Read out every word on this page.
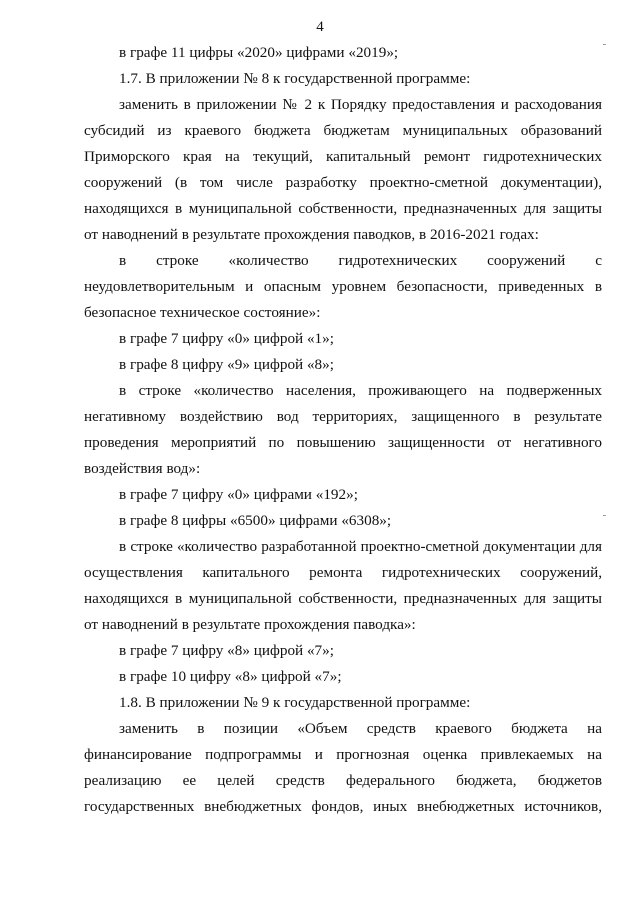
4

в графе 11 цифры «2020» цифрами «2019»;

1.7. В приложении № 8 к государственной программе:

заменить в приложении № 2 к Порядку предоставления и расходования субсидий из краевого бюджета бюджетам муниципальных образований Приморского края на текущий, капитальный ремонт гидротехнических сооружений (в том числе разработку проектно-сметной документации), находящихся в муниципальной собственности, предназначенных для защиты от наводнений в результате прохождения паводков, в 2016-2021 годах:

в строке «количество гидротехнических сооружений с неудовлетворительным и опасным уровнем безопасности, приведенных в безопасное техническое состояние»:

в графе 7 цифру «0» цифрой «1»;

в графе 8 цифру «9» цифрой «8»;

в строке «количество населения, проживающего на подверженных негативному воздействию вод территориях, защищенного в результате проведения мероприятий по повышению защищенности от негативного воздействия вод»:

в графе 7 цифру «0» цифрами «192»;

в графе 8 цифры «6500» цифрами «6308»;

в строке «количество разработанной проектно-сметной документации для осуществления капитального ремонта гидротехнических сооружений, находящихся в муниципальной собственности, предназначенных для защиты от наводнений в результате прохождения паводка»:

в графе 7 цифру «8» цифрой «7»;

в графе 10 цифру «8» цифрой «7»;

1.8. В приложении № 9 к государственной программе:

заменить в позиции «Объем средств краевого бюджета на финансирование подпрограммы и прогнозная оценка привлекаемых на реализацию ее целей средств федерального бюджета, бюджетов государственных внебюджетных фондов, иных внебюджетных источников,
